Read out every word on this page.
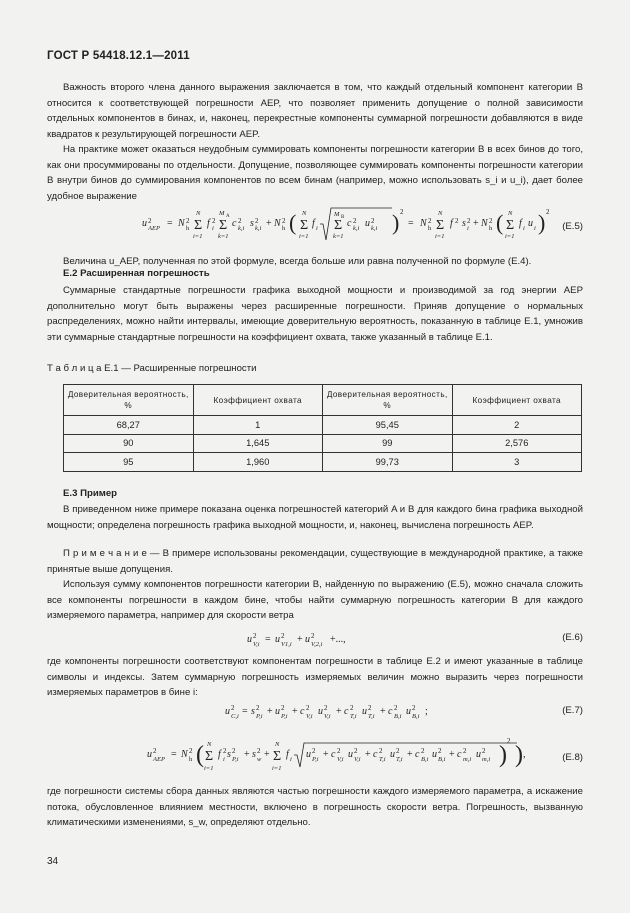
ГОСТ Р 54418.12.1—2011
Важность второго члена данного выражения заключается в том, что каждый отдельный компонент категории B относится к соответствующей погрешности AEP, что позволяет применить допущение о полной зависимости отдельных компонентов в бинах, и, наконец, перекрестные компоненты суммарной погрешности добавляются в виде квадратов к результирующей погрешности AEP.
На практике может оказаться неудобным суммировать компоненты погрешности категории B в всех бинов до того, как они просуммированы по отдельности. Допущение, позволяющее суммировать компоненты погрешности категории B внутри бинов до суммирования компонентов по всем бинам (например, можно использовать s_i и u_i), дает более удобное выражение
u 2
AEP = N 2
h Σ
N
i=1
f 2
i Σ
M A
k=1
c 2
k,i s 2
k,i + N 2
h ( Σ
N
i=1
f i Σ
M B
k=1
c 2
k,i u 2
k,i ) 2
= N 2
h Σ
N
i=1
f 2 s 2
i + N 2
h ( Σ
N
i=1
f i u i ) 2
(E.5)
Величина u_AEP, полученная по этой формуле, всегда больше или равна полученной по формуле (E.4).
E.2 Расширенная погрешность
Суммарные стандартные погрешности графика выходной мощности и производимой за год энергии AEP дополнительно могут быть выражены через расширенные погрешности. Приняв допущение о нормальных распределениях, можно найти интервалы, имеющие доверительную вероятность, показанную в таблице E.1, умножив эти суммарные стандартные погрешности на коэффициент охвата, также указанный в таблице E.1.
Т а б л и ц а E.1 — Расширенные погрешности
Доверительная вероятность, %	Коэффициент охвата	Доверительная вероятность, %	Коэффициент охвата
68,27	1	95,45	2
90	1,645	99	2,576
95	1,960	99,73	3
E.3 Пример
В приведенном ниже примере показана оценка погрешностей категорий A и B для каждого бина графика выходной мощности; определена погрешность графика выходной мощности, и, наконец, вычислена погрешность AEP.
П р и м е ч а н и е — В примере использованы рекомендации, существующие в международной практике, а также принятые выше допущения.
Используя сумму компонентов погрешности категории B, найденную по выражению (E.5), можно сначала сложить все компоненты погрешности в каждом бине, чтобы найти суммарную погрешность категории B для каждого измеряемого параметра, например для скорости ветра
u 2
V,i = u 2
V1,i + u 2
V,2,i +...,	(E.6)
где компоненты погрешности соответствуют компонентам погрешности в таблице E.2 и имеют указанные в таблице символы и индексы. Затем суммарную погрешность измеряемых величин можно выразить через погрешности измеряемых параметров в бине i:
u 2
C,i = s 2
P,i + u 2
P,i + c 2
V,i u 2
V,i + c 2
T,i u 2
T,i + c 2
B,i u 2
B,i ;	(E.7)
u 2
AEP = N 2
h ( Σ
N
i=1
f 2
i s 2
P,i + s 2
w + Σ
N
i=1
f i u 2
P,i + c 2
V,i u 2
V,i + c 2
T,i u 2
T,i + c 2
B,i u 2
B,i + c 2
m,i u 2
m,i )
2
) ,	(E.8)
где погрешности системы сбора данных являются частью погрешности каждого измеряемого параметра, а искажение потока, обусловленное влиянием местности, включено в погрешность скорости ветра. Погрешность, вызванную климатическими изменениями, s_w, определяют отдельно.
34
